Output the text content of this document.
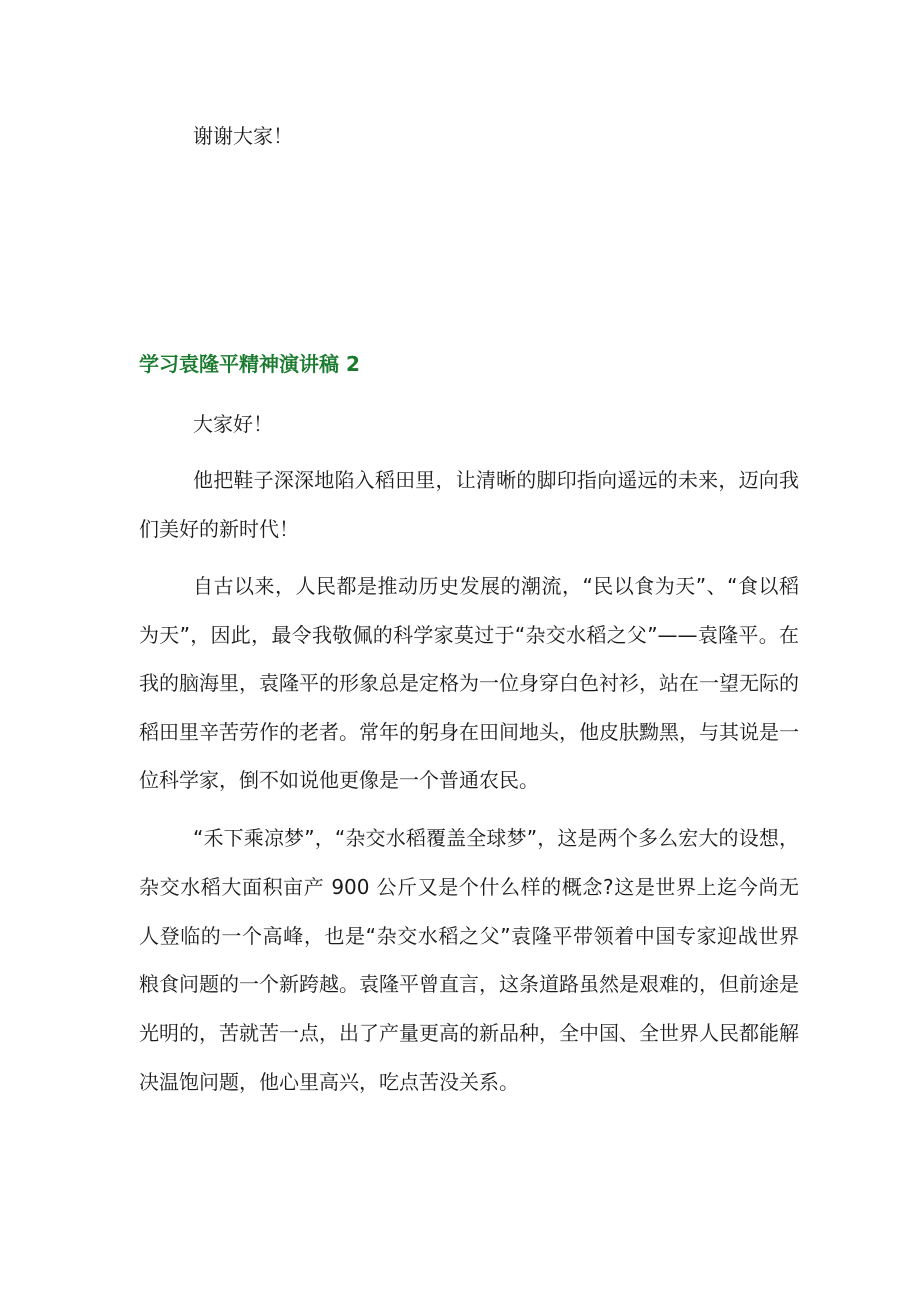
谢谢大家！

学习袁隆平精神演讲稿 2

大家好！

他把鞋子深深地陷入稻田里，让清晰的脚印指向遥远的未来，迈向我们美好的新时代！

自古以来，人民都是推动历史发展的潮流，“民以食为天”、“食以稻为天”，因此，最令我敬佩的科学家莫过于“杂交水稻之父”——袁隆平。在我的脑海里，袁隆平的形象总是定格为一位身穿白色衬衫，站在一望无际的稻田里辛苦劳作的老者。常年的躬身在田间地头，他皮肤黝黑，与其说是一位科学家，倒不如说他更像是一个普通农民。

“禾下乘凉梦”，“杂交水稻覆盖全球梦”，这是两个多么宏大的设想，杂交水稻大面积亩产 900 公斤又是个什么样的概念?这是世界上迄今尚无人登临的一个高峰，也是“杂交水稻之父”袁隆平带领着中国专家迎战世界粮食问题的一个新跨越。袁隆平曾直言，这条道路虽然是艰难的，但前途是光明的，苦就苦一点，出了产量更高的新品种，全中国、全世界人民都能解决温饱问题，他心里高兴，吃点苦没关系。
